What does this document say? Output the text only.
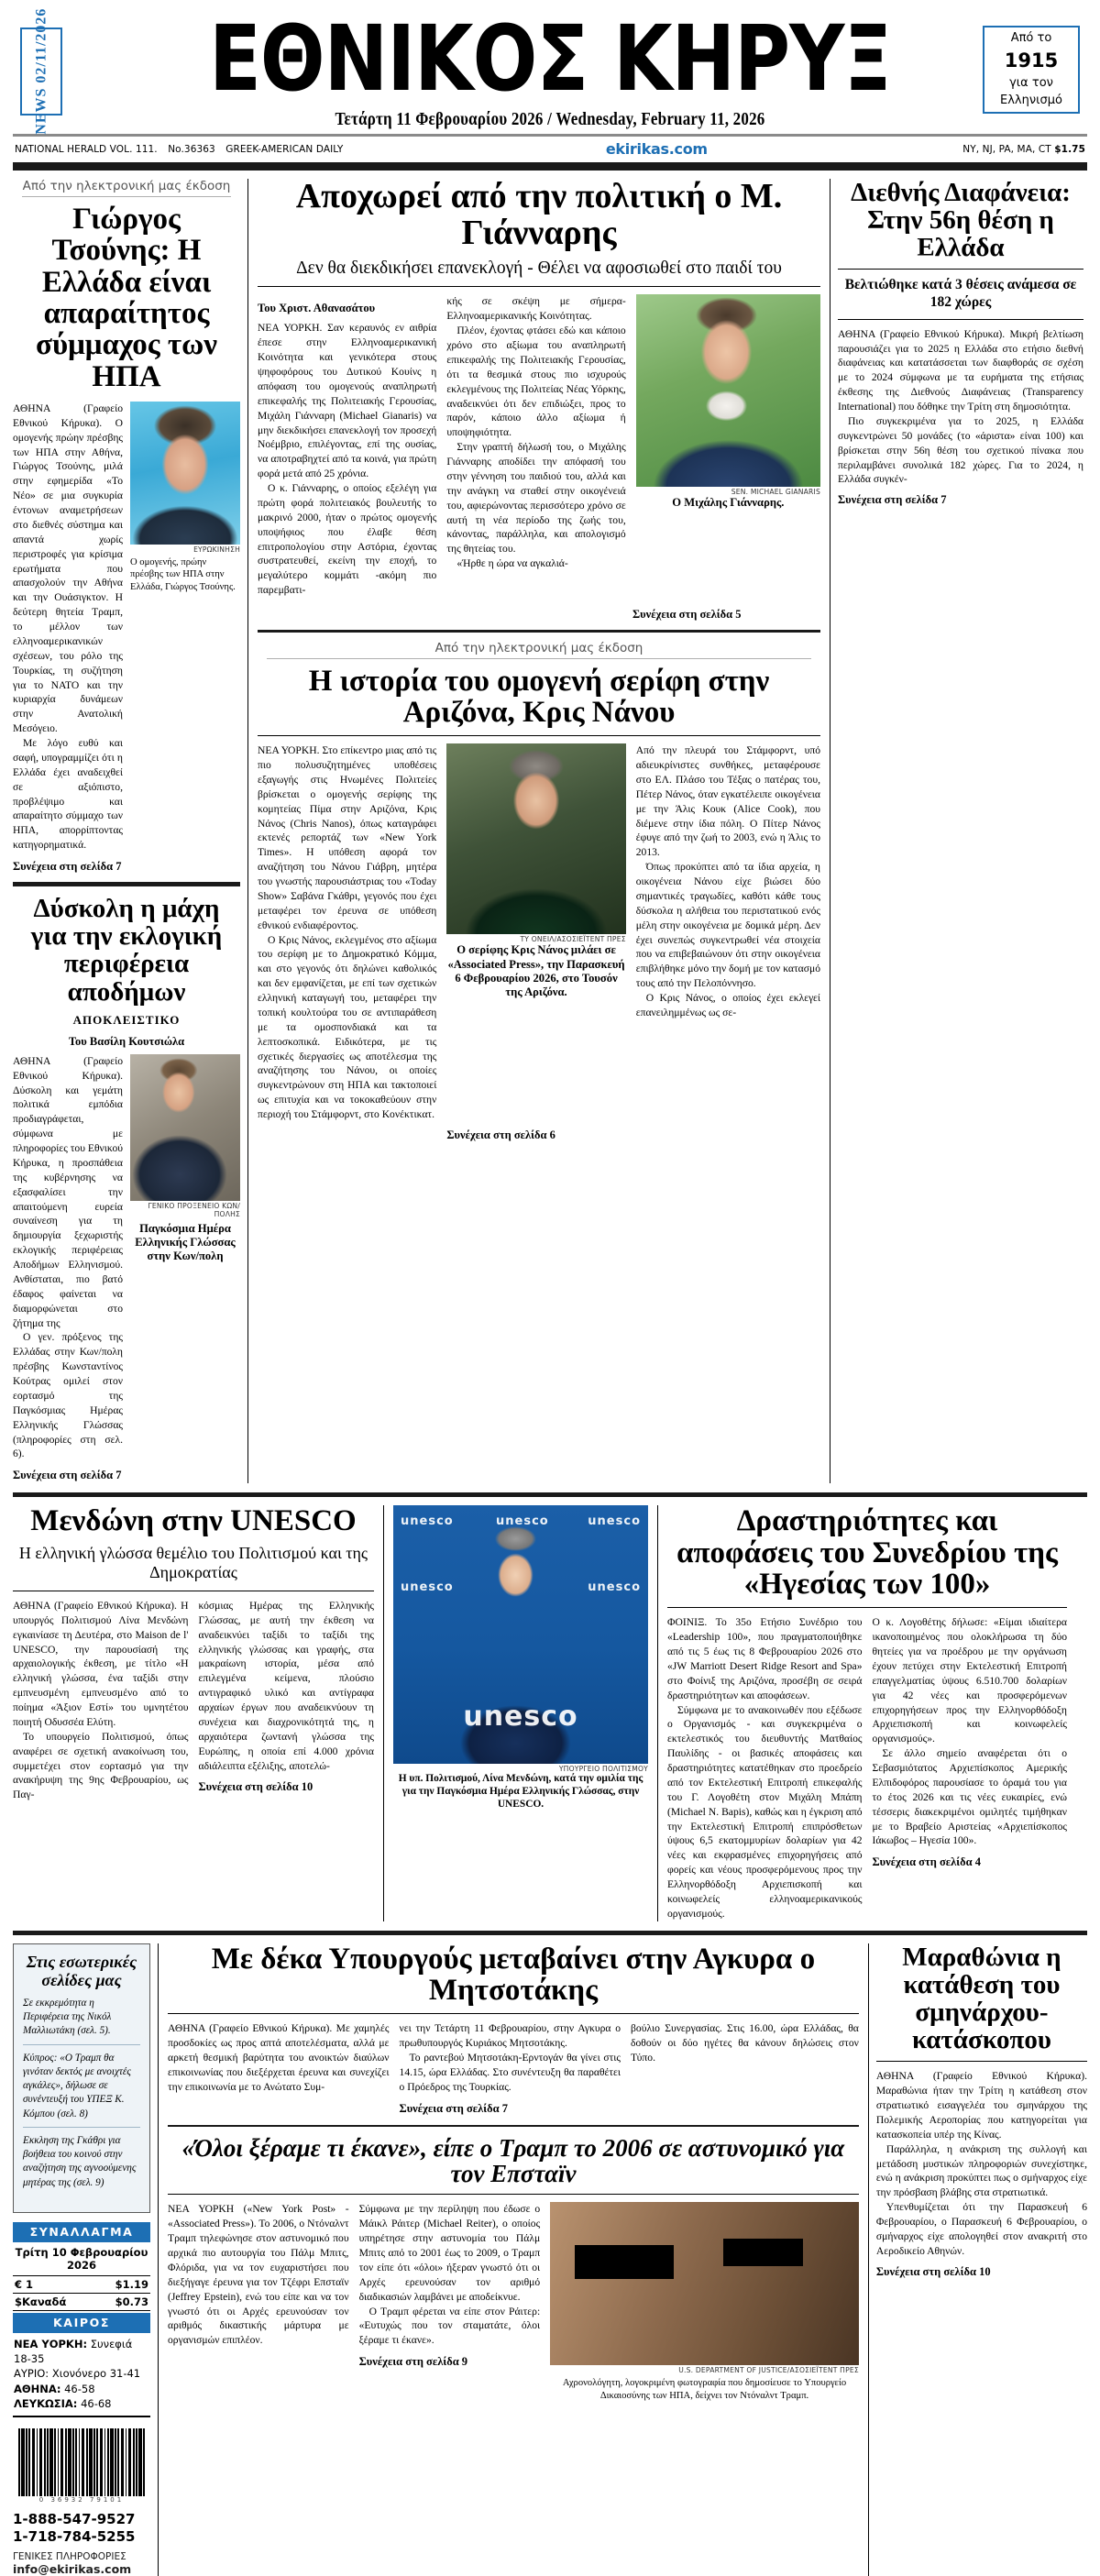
NEWS 02/11/2026	ΕΘΝΙΚΟΣ ΚΗΡΥΞ
Τετάρτη 11 Φεβρουαρίου 2026 / Wednesday, February 11, 2026
Από το
1915
για τον
Ελληνισμό
NATIONAL HERALD VOL. 111. No.36363 GREEK-AMERICAN DAILY	ekirikas.com	NY, NJ, PA, MA, CT $1.75
Από την ηλεκτρονική μας έκδοση
Γιώργος Τσούνης: Η Ελλάδα είναι απαραίτητος σύμμαχος των ΗΠΑ

ΑΘΗΝΑ (Γραφείο Εθνικού Κήρυκα). Ο ομογενής πρώην πρέσβης των ΗΠΑ στην Αθήνα, Γιώργος Τσούνης, μιλά στην εφημερίδα «Το Νέο» σε μια συγκυρία έντονων αναμετρήσεων στο διεθνές σύστημα και απαντά χωρίς περιστροφές για κρίσιμα ερωτήματα που απασχολούν την Αθήνα και την Ουάσιγκτον. Η δεύτερη θητεία Τραμπ, το μέλλον των ελληνοαμερικανικών σχέσεων, του ρόλο της Τουρκίας, τη συζήτηση για το ΝΑΤΟ και την κυριαρχία δυνάμεων στην Ανατολική Μεσόγειο.

Με λόγο ευθύ και σαφή, υπογραμμίζει ότι η Ελλάδα έχει αναδειχθεί σε αξιόπιστο, προβλέψιμο και απαραίτητο σύμμαχο των ΗΠΑ, απορρίπτοντας κατηγορηματικά.

Συνέχεια στη σελίδα 7
ΕΥΡΩΚΙΝΗΣΗ
Ο ομογενής, πρώην πρέσβης των ΗΠΑ στην Ελλάδα, Γιώργος Τσούνης.
Δύσκολη η μάχη για την εκλογική περιφέρεια αποδήμων
ΑΠΟΚΛΕΙΣΤΙΚΟ
Του Βασίλη Κουτσιώλα

ΑΘΗΝΑ (Γραφείο Εθνικού Κήρυκα). Δύσκολη και γεμάτη πολιτικά εμπόδια προδιαγράφεται, σύμφωνα με πληροφορίες του Εθνικού Κήρυκα, η προσπάθεια της κυβέρνησης να εξασφαλίσει την απαιτούμενη ευρεία συναίνεση για τη δημιουργία ξεχωριστής εκλογικής περιφέρειας Αποδήμων Ελληνισμού. Ανθίσταται, πιο βατό έδαφος φαίνεται να διαμορφώνεται στο ζήτημα της

Ο γεν. πρόξενος της Ελλάδας στην Κων/πολη πρέσβης Κωνσταντίνος Κούτρας ομιλεί στον εορτασμό της Παγκόσμιας Ημέρας Ελληνικής Γλώσσας (πληροφορίες στη σελ. 6).

Συνέχεια στη σελίδα 7
ΓΕΝΙΚΟ ΠΡΟΞΕΝΕΙΟ ΚΩΝ/ΠΟΛΗΣ
Παγκόσμια Ημέρα Ελληνικής Γλώσσας στην Κων/πολη
Αποχωρεί από την πολιτική ο Μ. Γιάνναρης
Δεν θα διεκδικήσει επανεκλογή - Θέλει να αφοσιωθεί στο παιδί του
Του Χριστ. Αθανασάτου

ΝΕΑ ΥΟΡΚΗ. Σαν κεραυνός εν αιθρία έπεσε στην Ελληνοαμερικανική Κοινότητα και γενικότερα στους ψηφοφόρους του Δυτικού Κουίνς η απόφαση του ομογενούς αναπληρωτή επικεφαλής της Πολιτειακής Γερουσίας, Μιχάλη Γιάνναρη (Michael Gianaris) να μην διεκδικήσει επανεκλογή τον προσεχή Νοέμβριο, επιλέγοντας, επί της ουσίας, να αποτραβηχτεί από τα κοινά, για πρώτη φορά μετά από 25 χρόνια.

Ο κ. Γιάνναρης, ο οποίος εξελέγη για πρώτη φορά πολιτειακός βουλευτής το μακρινό 2000, ήταν ο πρώτος ομογενής υποψήφιος που έλαβε θέση επιτροπολογίου στην Αστόρια, έχοντας συστρατευθεί, εκείνη την εποχή, το μεγαλύτερο κομμάτι -ακόμη πιο παρεμβατι-

κής σε σκέψη με σήμερα- Ελληνοαμερικανικής Κοινότητας.

Πλέον, έχοντας φτάσει εδώ και κάποιο χρόνο στο αξίωμα του αναπληρωτή επικεφαλής της Πολιτειακής Γερουσίας, ότι τα θεσμικά στους πιο ισχυρούς εκλεγμένους της Πολιτείας Νέας Υόρκης, αναδεικνύει ότι δεν επιδιώξει, προς το παρόν, κάποιο άλλο αξίωμα ή υποψηφιότητα.

Στην γραπτή δήλωσή του, ο Μιχάλης Γιάνναρης αποδίδει την απόφασή του στην γέννηση του παιδιού του, αλλά και την ανάγκη να σταθεί στην οικογένειά του, αφιερώνοντας περισσότερο χρόνο σε αυτή τη νέα περίοδο της ζωής του, κάνοντας, παράλληλα, και απολογισμό της θητείας του.

«Ήρθε η ώρα να αγκαλιά-

SEN. MICHAEL GIANARIS
Ο Μιχάλης Γιάνναρης.
Συνέχεια στη σελίδα 5
Από την ηλεκτρονική μας έκδοση
Η ιστορία του ομογενή σερίφη στην Αριζόνα, Κρις Νάνου

ΝΕΑ ΥΟΡΚΗ. Στο επίκεντρο μιας από τις πιο πολυσυζητημένες υποθέσεις εξαγωγής στις Ηνωμένες Πολιτείες βρίσκεται ο ομογενής σερίφης της κομητείας Πίμα στην Αριζόνα, Κρις Νάνος (Chris Nanos), όπως καταγράφει εκτενές ρεπορτάζ των «New York Times». Η υπόθεση αφορά τον αναζήτηση του Νάνου Γιάβρη, μητέρα του γνωστής παρουσιάστριας του «Today Show» Σαβάνα Γκάθρι, γεγονός που έχει μεταφέρει τον έρευνα σε υπόθεση εθνικού ενδιαφέροντος.

Ο Κρις Νάνος, εκλεγμένος στο αξίωμα του σερίφη με το Δημοκρατικό Κόμμα, και στο γεγονός ότι δηλώνει καθολικός και δεν εμφανίζεται, με επί των σχετικών ελληνική καταγωγή του, μεταφέρει την τοπική κουλτούρα του σε αντιπαράθεση με τα ομοσπονδιακά και τα λεπτοσκοπικά. Ειδικότερα, με τις σχετικές διεργασίες ως αποτέλεσμα της αναζήτησης του Νάνου, οι οποίες συγκεντρώνουν στη ΗΠΑ και τακτοποιεί ως επιτυχία και να τοκοκαθεύουν στην περιοχή του Στάμφορντ, στο Κονέκτικατ.

ΤΥ ΟΝΕΙΛ/ΑΣΟΣΙΕΪΤΕΝΤ ΠΡΕΣ
Ο σερίφης Κρις Νάνος μιλάει σε «Associated Press», την Παρασκευή 6 Φεβρουαρίου 2026, στο Τουσόν της Αριζόνα.

Από την πλευρά του Στάμφορντ, υπό αδιευκρίνιστες συνθήκες, μεταφέρουσε στο ΕΛ. Πλάσο του Τέξας ο πατέρας του, Πέτερ Νάνος, όταν εγκατέλειπε οικογένεια με την Άλις Κουκ (Alice Cook), που διέμενε στην ίδια πόλη. Ο Πίτερ Νάνος έφυγε από την ζωή το 2003, ενώ η Άλις το 2013.

Όπως προκύπτει από τα ίδια αρχεία, η οικογένεια Νάνου είχε βιώσει δύο σημαντικές τραγωδίες, καθότι κάθε τους δύσκολα η αλήθεια του περιστατικού ενός μέλη στην οικογένεια με δομικά μέρη. Δεν έχει συνεπώς συγκεντρωθεί νέα στοιχεία που να επιβεβαιώνουν ότι στην οικογένεια επιβλήθηκε μόνο την δομή με τον κατασμό τους από την Πελοπόννησο.

Ο Κρις Νάνος, ο οποίος έχει εκλεγεί επανειλημμένως ως σε-

Συνέχεια στη σελίδα 6
Διεθνής Διαφάνεια: Στην 56η θέση η Ελλάδα
Βελτιώθηκε κατά 3 θέσεις ανάμεσα σε 182 χώρες

ΑΘΗΝΑ (Γραφείο Εθνικού Κήρυκα). Μικρή βελτίωση παρουσιάζει για το 2025 η Ελλάδα στο ετήσιο διεθνή διαφάνειας και κατατάσσεται των διαφθοράς σε σχέση με το 2024 σύμφωνα με τα ευρήματα της ετήσιας έκθεσης της Διεθνούς Διαφάνειας (Transparency International) που δόθηκε την Τρίτη στη δημοσιότητα.

Πιο συγκεκριμένα για το 2025, η Ελλάδα συγκεντρώνει 50 μονάδες (το «άριστα» είναι 100) και βρίσκεται στην 56η θέση του σχετικού πίνακα που περιλαμβάνει συνολικά 182 χώρες. Για το 2024, η Ελλάδα συγκέν-

Συνέχεια στη σελίδα 7
Μενδώνη στην UNESCO
Η ελληνική γλώσσα θεμέλιο του Πολιτισμού και της Δημοκρατίας

ΑΘΗΝΑ (Γραφείο Εθνικού Κήρυκα). Η υπουργός Πολιτισμού Λίνα Μενδώνη εγκαινίασε τη Δευτέρα, στο Maison de l' UNESCO, την παρουσίασή της αρχαιολογικής έκθεση, με τίτλο «Η ελληνική γλώσσα, ένα ταξίδι στην εμπνευσμένη εμπνευσμένο από το ποίημα «Άξιον Εστί» του υμνητέτου ποιητή Οδυσσέα Ελύτη.

Το υπουργείο Πολιτισμού, όπως αναφέρει σε σχετική ανακοίνωση του, συμμετέχει στον εορτασμό για την ανακήρυψη της 9ης Φεβρουαρίου, ως Παγ-

κόσμιας Ημέρας της Ελληνικής Γλώσσας, με αυτή την έκθεση να αναδεικνύει ταξίδι το ταξίδι της ελληνικής γλώσσας και γραφής, στα μακραίωνη ιστορία, μέσα από επιλεγμένα κείμενα, πλούσιο αντιγραφικό υλικό και αντίγραφα αρχαίων έργων που αναδεικνύουν τη συνέχεια και διαχρονικότητά της, η αρχαιότερα ζωντανή γλώσσα της Ευρώπης, η οποία επί 4.000 χρόνια αδιάλειπτα εξέλιξης, αποτελώ-

Συνέχεια στη σελίδα 10
unesco	unesco	unesco
unesco	unesco
unesco
ΥΠΟΥΡΓΕΙΟ ΠΟΛΙΤΙΣΜΟΥ
Η υπ. Πολιτισμού, Λίνα Μενδώνη, κατά την ομιλία της για την Παγκόσμια Ημέρα Ελληνικής Γλώσσας, στην UNESCO.
Δραστηριότητες και αποφάσεις του Συνεδρίου της «Ηγεσίας των 100»

ΦΟΙΝΙΞ. Το 35ο Ετήσιο Συνέδριο του «Leadership 100», που πραγματοποιήθηκε από τις 5 έως τις 8 Φεβρουαρίου 2026 στο «JW Marriott Desert Ridge Resort and Spa» στο Φοίνιξ της Αριζόνα, προσέβη σε σειρά δραστηριότητων και αποφάσεων.

Σύμφωνα με το ανακοινωθέν που εξέδωσε ο Οργανισμός - και συγκεκριμένα ο εκτελεστικός του διευθυντής Ματθαίος Παυλίδης - οι βασικές αποφάσεις και δραστηριότητες κατατέθηκαν στο προεδρείο από τον Εκτελεστική Επιτροπή επικεφαλής του Γ. Λογοθέτη στον Μιχάλη Μπάπη (Michael N. Bapis), καθώς και η έγκριση από την Εκτελεστική Επιτροπή επιπρόσθετων ύψους 6,5 εκατομμυρίων δολαρίων για 42 νέες και εκφρασμένες επιχορηγήσεις από φορείς και νέους προσφερόμενους προς την Ελληνορθόδοξη Αρχιεπισκοπή και κοινωφελείς ελληνοαμερικανικούς οργανισμούς.

Ο κ. Λογοθέτης δήλωσε: «Είμαι ιδιαίτερα ικανοποιημένος που ολοκλήρωσα τη δύο θητείες για να προέδρου με την οργάνωση έχουν πετύχει στην Εκτελεστική Επιτροπή επαγγελματίας ύψους 6.510.700 δολαρίων για 42 νέες και προσφερόμενων επιχορηγήσεων προς την Ελληνορθόδοξη Αρχιεπισκοπή και κοινωφελείς οργανισμούς».

Σε άλλο σημείο αναφέρεται ότι ο Σεβασμιότατος Αρχιεπίσκοπος Αμερικής Ελπιδοφόρος παρουσίασε το όραμά του για το έτος 2026 και τις νέες ευκαιρίες, ενώ τέσσερις διακεκριμένοι ομιλητές τιμήθηκαν με το Βραβείο Αριστείας «Αρχιεπίσκοπος Ιάκωβος – Ηγεσία 100».

Συνέχεια στη σελίδα 4
Στις εσωτερικές σελίδες μας
Σε εκκρεμότητα η Περιφέρεια της Νικόλ Μαλλιωτάκη (σελ. 5).
Κύπρος: «Ο Τραμπ θα γινόταν δεκτός με ανοιχτές αγκάλες», δήλωσε σε συνέντευξή του ΥΠΕΞ Κ. Κόμπου (σελ. 8)
Εκκληση της Γκάθρι για βοήθεια του κοινού στην αναζήτηση της αγνοούμενης μητέρας της (σελ. 9)
ΣΥΝΑΛΛΑΓΜΑ
Τρίτη 10 Φεβρουαρίου 2026
€ 1	$1.19
$Καναδά	$0.73
ΚΑΙΡΟΣ
ΝΕΑ ΥΟΡΚΗ: Συνεφιά 18-35
ΑΥΡΙΟ: Χιονόνερο 31-41
ΑΘΗΝΑ: 46-58
ΛΕΥΚΩΣΙΑ: 46-68
0 36932 79101
1-888-547-9527
1-718-784-5255
ΓΕΝΙΚΕΣ ΠΛΗΡΟΦΟΡΙΕΣ
info@ekirikas.com
Με δέκα Υπουργούς μεταβαίνει στην Αγκυρα ο Μητσοτάκης

ΑΘΗΝΑ (Γραφείο Εθνικού Κήρυκα). Με χαμηλές προσδοκίες ως προς απτά αποτελέσματα, αλλά με αρκετή θεσμική βαρύτητα του ανοικτών διαύλων επικοινωνίας που διεξέρχεται έρευνα και συνεχίζει την επικοινωνία με το Ανώτατο Συμ-

νει την Τετάρτη 11 Φεβρουαρίου, στην Αγκυρα ο πρωθυπουργός Κυριάκος Μητσοτάκης.

Το ραντεβού Μητσοτάκη-Ερντογάν θα γίνει στις 14.15, ώρα Ελλάδας. Στο συνέντευξη θα παραθέτει ο Πρόεδρος της Τουρκίας.

Συνέχεια στη σελίδα 7

βούλιο Συνεργασίας. Στις 16.00, ώρα Ελλάδας, θα δοθούν οι δύο ηγέτες θα κάνουν δηλώσεις στον Τύπο.

«Όλοι ξέραμε τι έκανε», είπε ο Τραμπ το 2006 σε αστυνομικό για τον Επσταϊν

ΝΕΑ ΥΟΡΚΗ («New York Post» - «Associated Press»). Το 2006, ο Ντόναλντ Τραμπ τηλεφώνησε στον αστυνομικό που αρχικά πιο αυτουργία του Πάλμ Μπιτς, Φλόριδα, για να τον ευχαριστήσει που διεξήγαγε έρευνα για τον Τζέφρι Επσταϊν (Jeffrey Epstein), ενώ του είπε και να τον γνωστό ότι οι Αρχές ερευνούσαν τον αριθμός δικαστικής μάρτυρα με οργανισμών επιπλέον.

Σύμφωνα με την περίληψη που έδωσε ο Μάικλ Ράιτερ (Michael Reiter), ο οποίος υπηρέτησε στην αστυνομία του Πάλμ Μπιτς από το 2001 έως το 2009, ο Τραμπ τον είπε ότι «όλοι» ήξεραν γνωστό ότι οι Αρχές ερευνούσαν τον αριθμό διαδικασιών λαμβάνει με αποδείκνυε.

Ο Τραμπ φέρεται να είπε στον Ράιτερ: «Ευτυχώς που τον σταματάτε, όλοι ξέραμε τι έκανε».

Συνέχεια στη σελίδα 9
U.S. DEPARTMENT OF JUSTICE/ΑΣΟΣΙΕΪΤΕΝΤ ΠΡΕΣ
Αχρονολόγητη, λογοκριμένη φωτογραφία που δημοσίευσε το Υπουργείο Δικαιοσύνης των ΗΠΑ, δείχνει τον Ντόναλντ Τραμπ.
Μαραθώνια η κατάθεση του σμηνάρχου-κατάσκοπου

ΑΘΗΝΑ (Γραφείο Εθνικού Κήρυκα). Μαραθώνια ήταν την Τρίτη η κατάθεση στον στρατιωτικό εισαγγελέα του σμηνάρχου της Πολεμικής Αεροπορίας που κατηγορείται για κατασκοπεία υπέρ της Κίνας.

Παράλληλα, η ανάκριση της συλλογή και μετάδοση μυστικών πληροφοριών συνεχίστηκε, ενώ η ανάκριση προκύπτει πως ο σμήναρχος είχε την πρόσβαση βλάβης στα στρατιωτικά.

Υπενθυμίζεται ότι την Παρασκευή 6 Φεβρουαρίου, ο Παρασκευή 6 Φεβρουαρίου, ο σμήναρχος είχε απολογηθεί στον ανακριτή στο Αεροδικείο Αθηνών.

Συνέχεια στη σελίδα 10
